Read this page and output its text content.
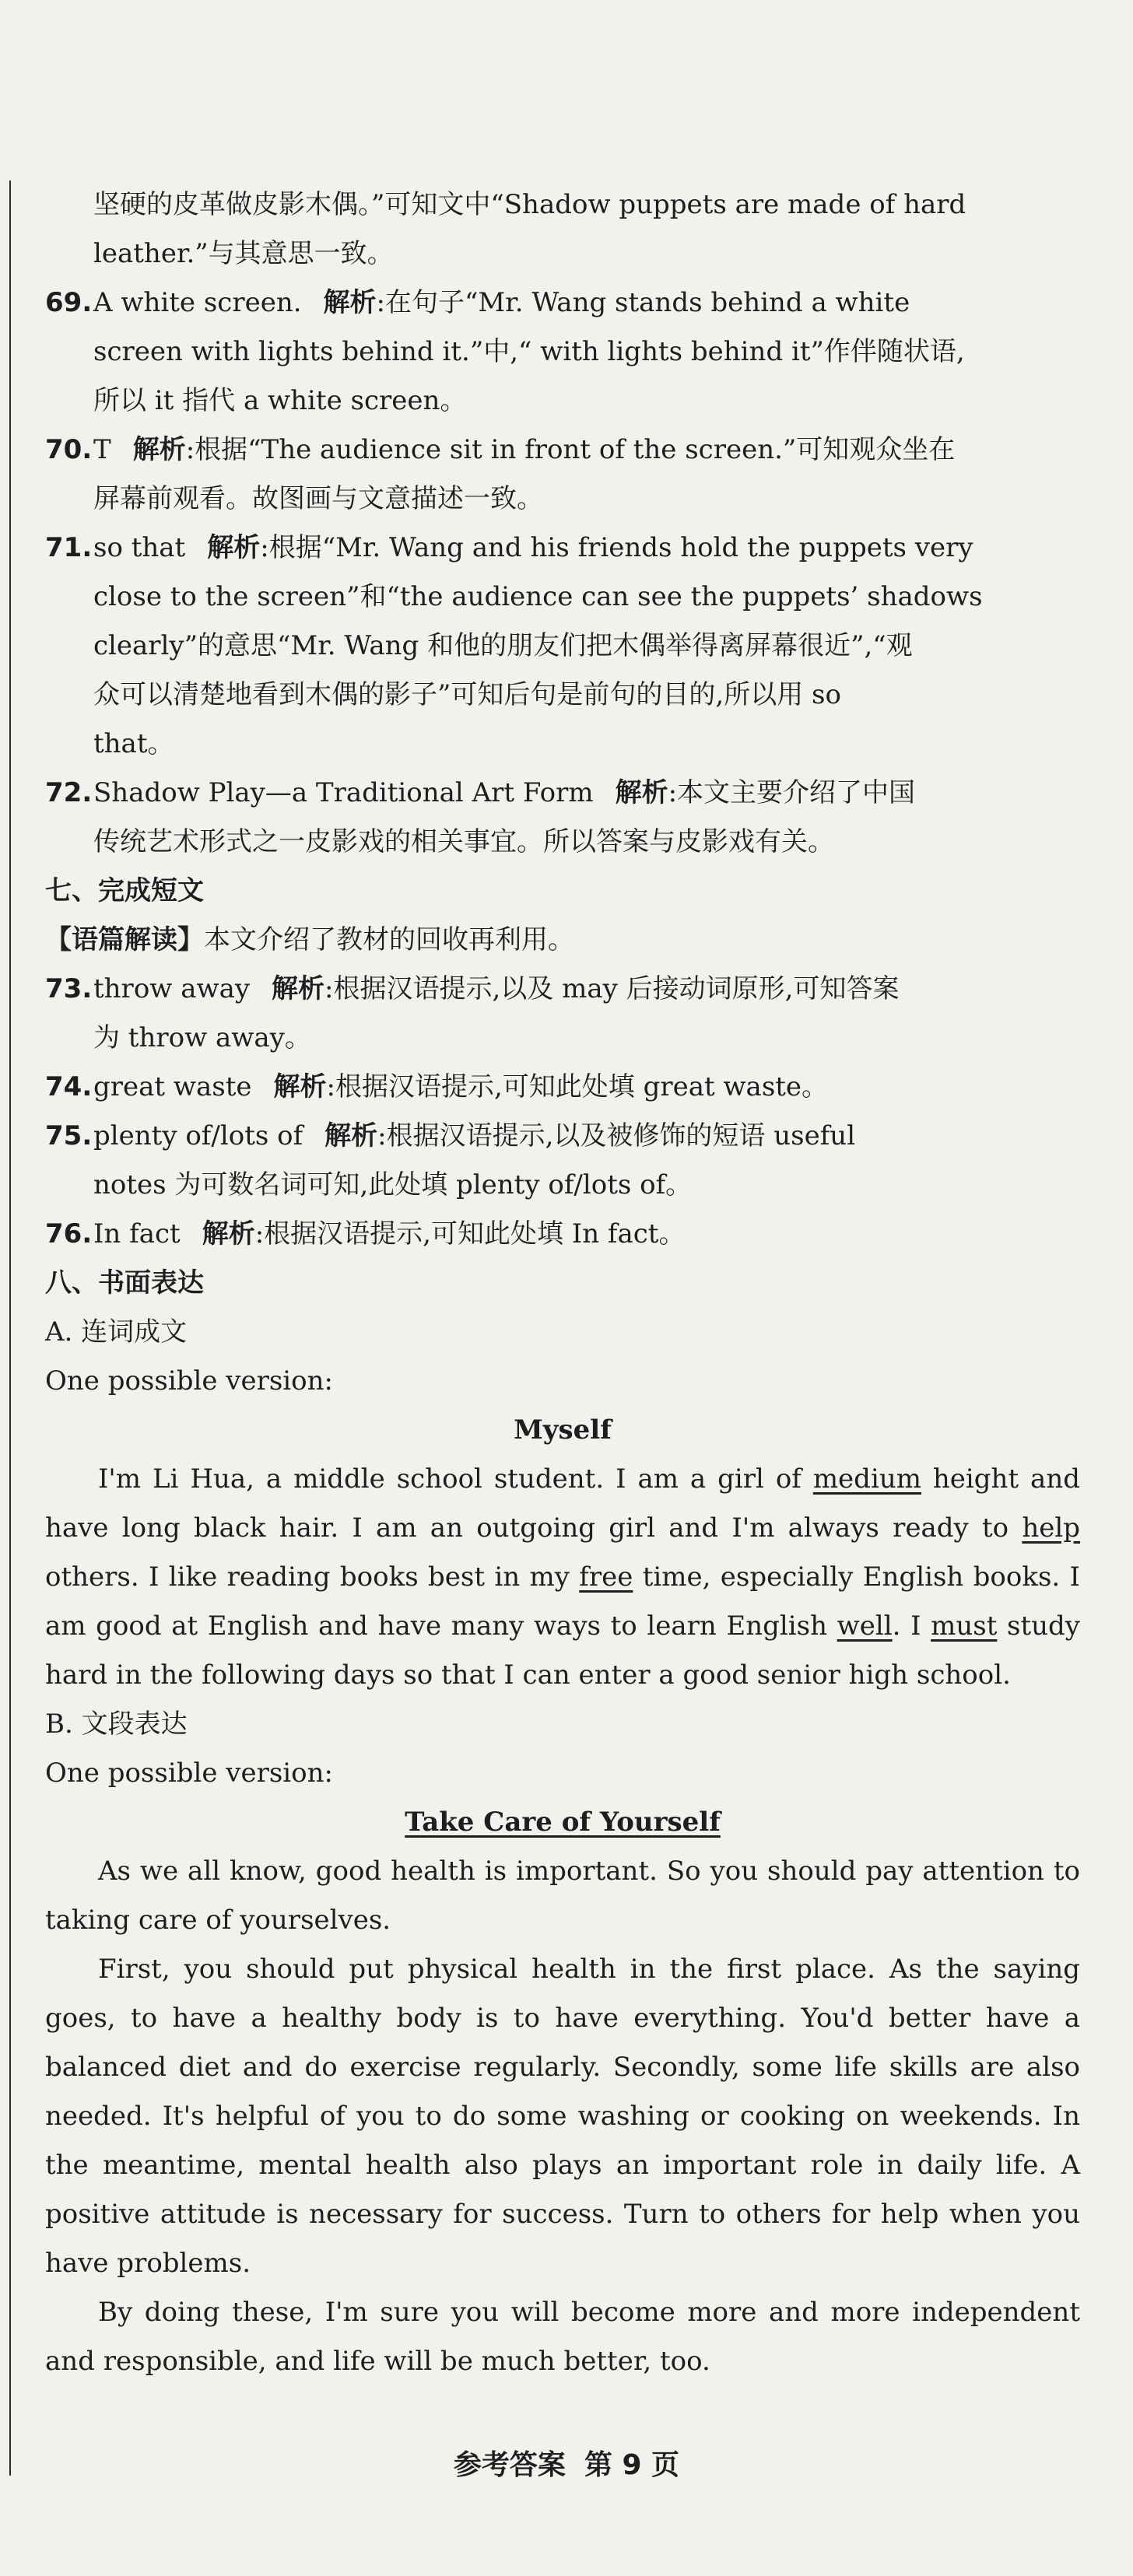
坚硬的皮革做皮影木偶。”可知文中“Shadow puppets are made of hard
leather.”与其意思一致。
69. A white screen. 解析:在句子“Mr. Wang stands behind a white
screen with lights behind it.”中,“ with lights behind it”作伴随状语,
所以 it 指代 a white screen。
70. T 解析:根据“The audience sit in front of the screen.”可知观众坐在
屏幕前观看。故图画与文意描述一致。
71. so that 解析:根据“Mr. Wang and his friends hold the puppets very
close to the screen”和“the audience can see the puppets’ shadows
clearly”的意思“Mr. Wang 和他的朋友们把木偶举得离屏幕很近”,“观
众可以清楚地看到木偶的影子”可知后句是前句的目的,所以用 so
that。
72. Shadow Play—a Traditional Art Form 解析:本文主要介绍了中国
传统艺术形式之一皮影戏的相关事宜。所以答案与皮影戏有关。
七、完成短文
【语篇解读】本文介绍了教材的回收再利用。
73. throw away 解析:根据汉语提示,以及 may 后接动词原形,可知答案
为 throw away。
74. great waste 解析:根据汉语提示,可知此处填 great waste。
75. plenty of/lots of 解析:根据汉语提示,以及被修饰的短语 useful
notes 为可数名词可知,此处填 plenty of/lots of。
76. In fact 解析:根据汉语提示,可知此处填 In fact。
八、书面表达
A. 连词成文
One possible version:
Myself
I'm Li Hua, a middle school student. I am a girl of medium height and have long black hair. I am an outgoing girl and I'm always ready to help others. I like reading books best in my free time, especially English books. I am good at English and have many ways to learn English well. I must study hard in the following days so that I can enter a good senior high school.
B. 文段表达
One possible version:
Take Care of Yourself
As we all know, good health is important. So you should pay attention to taking care of yourselves.
First, you should put physical health in the first place. As the saying goes, to have a healthy body is to have everything. You'd better have a balanced diet and do exercise regularly. Secondly, some life skills are also needed. It's helpful of you to do some washing or cooking on weekends. In the meantime, mental health also plays an important role in daily life. A positive attitude is necessary for success. Turn to others for help when you have problems.
By doing these, I'm sure you will become more and more independent and responsible, and life will be much better, too.
参考答案 第 9 页
